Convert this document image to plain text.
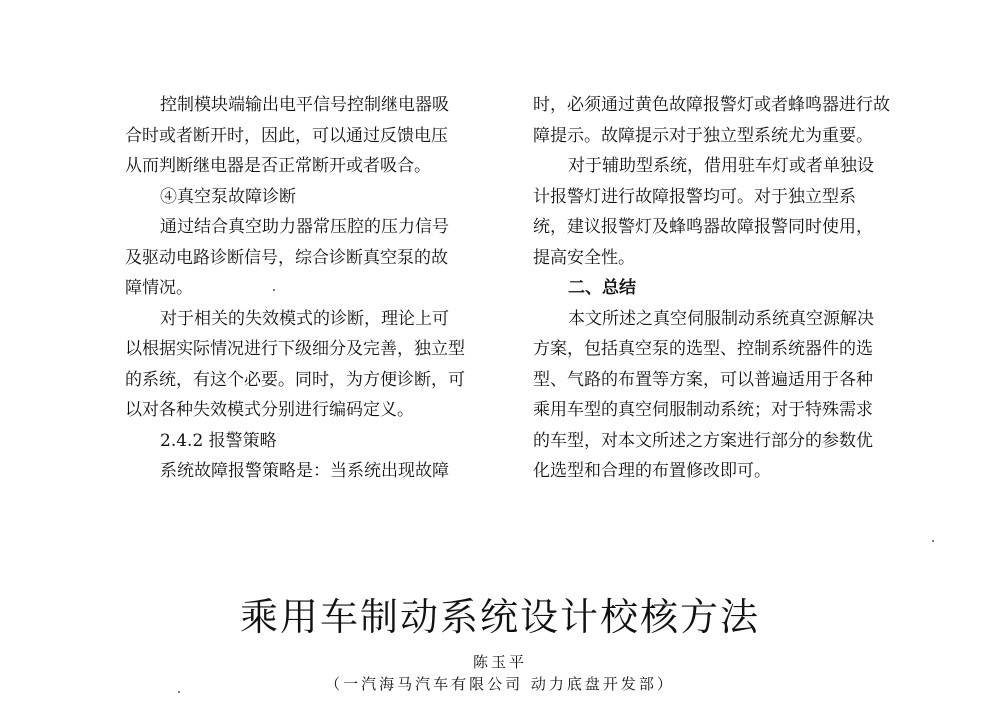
控制模块端输出电平信号控制继电器吸
合时或者断开时，因此，可以通过反馈电压
从而判断继电器是否正常断开或者吸合。
④真空泵故障诊断
通过结合真空助力器常压腔的压力信号
及驱动电路诊断信号，综合诊断真空泵的故
障情况。
对于相关的失效模式的诊断，理论上可
以根据实际情况进行下级细分及完善，独立型
的系统，有这个必要。同时，为方便诊断，可
以对各种失效模式分别进行编码定义。
2.4.2 报警策略
系统故障报警策略是：当系统出现故障
时，必须通过黄色故障报警灯或者蜂鸣器进行故
障提示。故障提示对于独立型系统尤为重要。
对于辅助型系统，借用驻车灯或者单独设
计报警灯进行故障报警均可。对于独立型系
统，建议报警灯及蜂鸣器故障报警同时使用，
提高安全性。
二、总结
本文所述之真空伺服制动系统真空源解决
方案，包括真空泵的选型、控制系统器件的选
型、气路的布置等方案，可以普遍适用于各种
乘用车型的真空伺服制动系统；对于特殊需求
的车型，对本文所述之方案进行部分的参数优
化选型和合理的布置修改即可。
乘用车制动系统设计校核方法
陈玉平
（一汽海马汽车有限公司 动力底盘开发部）
